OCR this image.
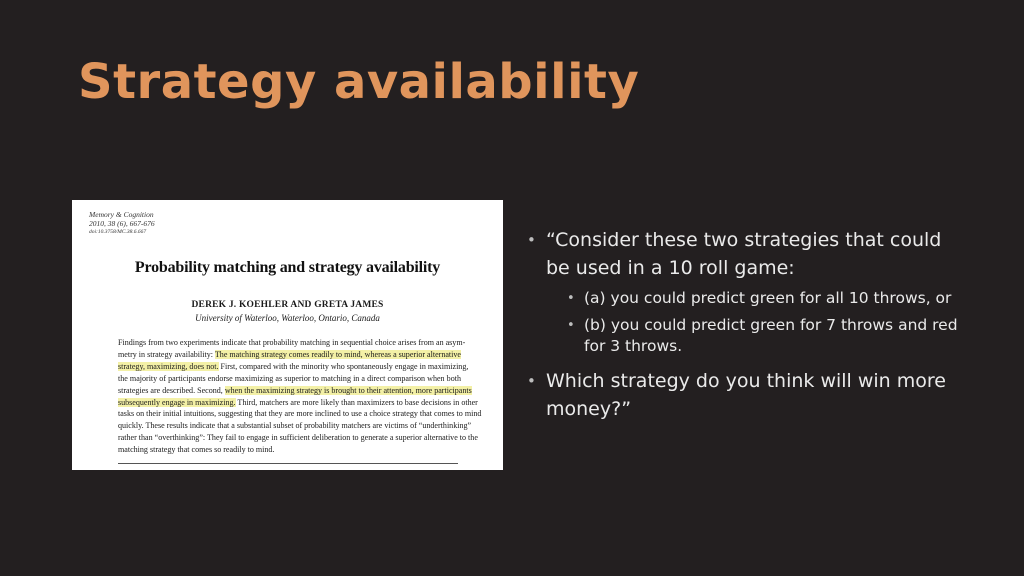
Strategy availability
Memory & Cognition
2010, 38 (6), 667-676
doi:10.3758/MC.38.6.667
Probability matching and strategy availability
DEREK J. KOEHLER AND GRETA JAMES
University of Waterloo, Waterloo, Ontario, Canada
Findings from two experiments indicate that probability matching in sequential choice arises from an asym-
metry in strategy availability: The matching strategy comes readily to mind, whereas a superior alternative
strategy, maximizing, does not. First, compared with the minority who spontaneously engage in maximizing,
the majority of participants endorse maximizing as superior to matching in a direct comparison when both
strategies are described. Second, when the maximizing strategy is brought to their attention, more participants
subsequently engage in maximizing. Third, matchers are more likely than maximizers to base decisions in other
tasks on their initial intuitions, suggesting that they are more inclined to use a choice strategy that comes to mind
quickly. These results indicate that a substantial subset of probability matchers are victims of “underthinking”
rather than “overthinking”: They fail to engage in sufficient deliberation to generate a superior alternative to the
matching strategy that comes so readily to mind.
• “Consider these two strategies that could be used in a 10 roll game:
• (a) you could predict green for all 10 throws, or
• (b) you could predict green for 7 throws and red for 3 throws.
• Which strategy do you think will win more money?”
